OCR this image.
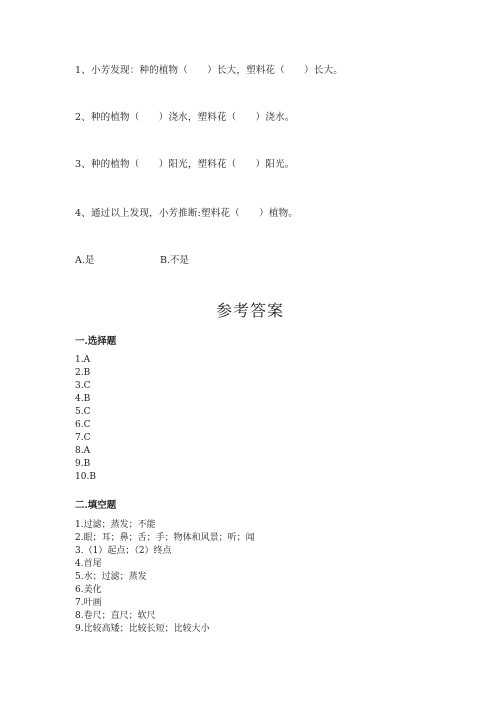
1、小芳发现：种的植物（      ）长大，塑料花（      ）长大。
2、种的植物（      ）浇水，塑料花（      ）浇水。
3、种的植物（      ）阳光，塑料花（      ）阳光。
4、通过以上发现，小芳推断:塑料花（      ）植物。
A.是	B.不是
参考答案
一.选择题
1.A
2.B
3.C
4.B
5.C
6.C
7.C
8.A
9.B
10.B
二.填空题
1.过滤；蒸发；不能
2.眼；耳；鼻；舌；手；物体和风景；听；闻
3.（1）起点；（2）终点
4.首尾
5.水；过滤；蒸发
6.美化
7.叶画
8.卷尺；直尺；软尺
9.比较高矮；比较长短；比较大小
